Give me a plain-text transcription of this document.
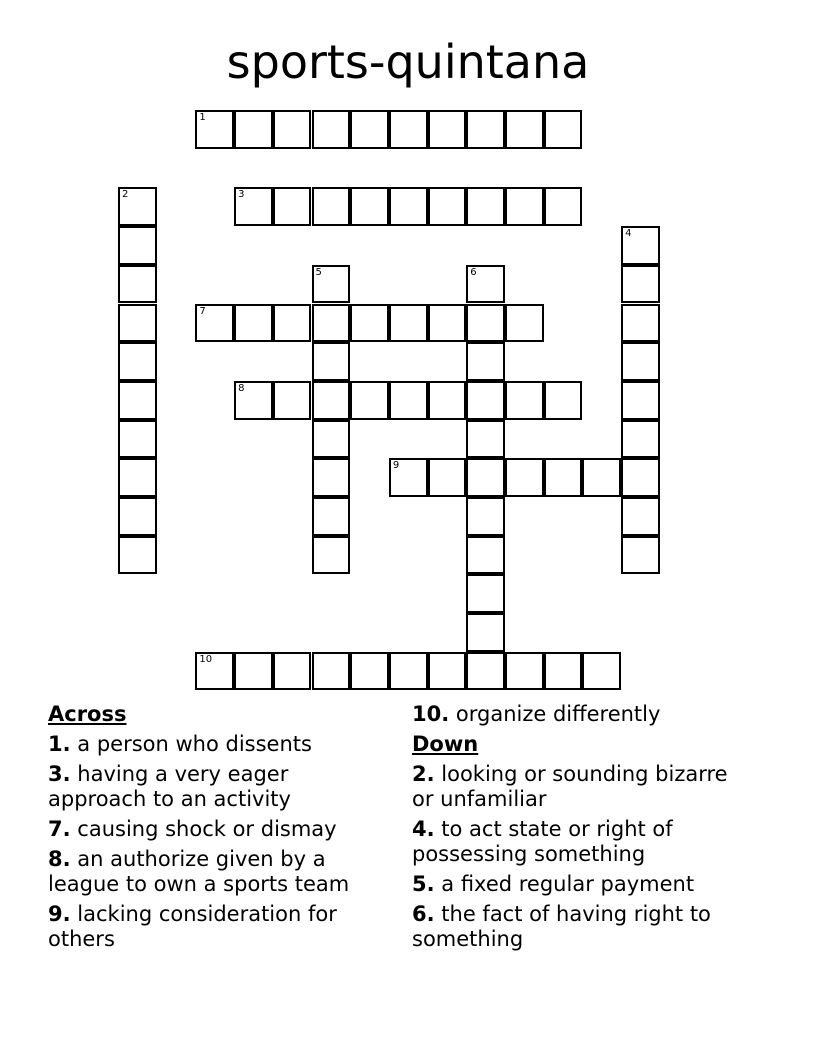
sports-quintana
1
3
7
8
9
10
2
4
5	6
Across
1. a person who dissents
3. having a very eager approach to an activity
7. causing shock or dismay
8. an authorize given by a league to own a sports team
9. lacking consideration for others
10. organize differently
Down
2. looking or sounding bizarre or unfamiliar
4. to act state or right of possessing something
5. a fixed regular payment
6. the fact of having right to something
